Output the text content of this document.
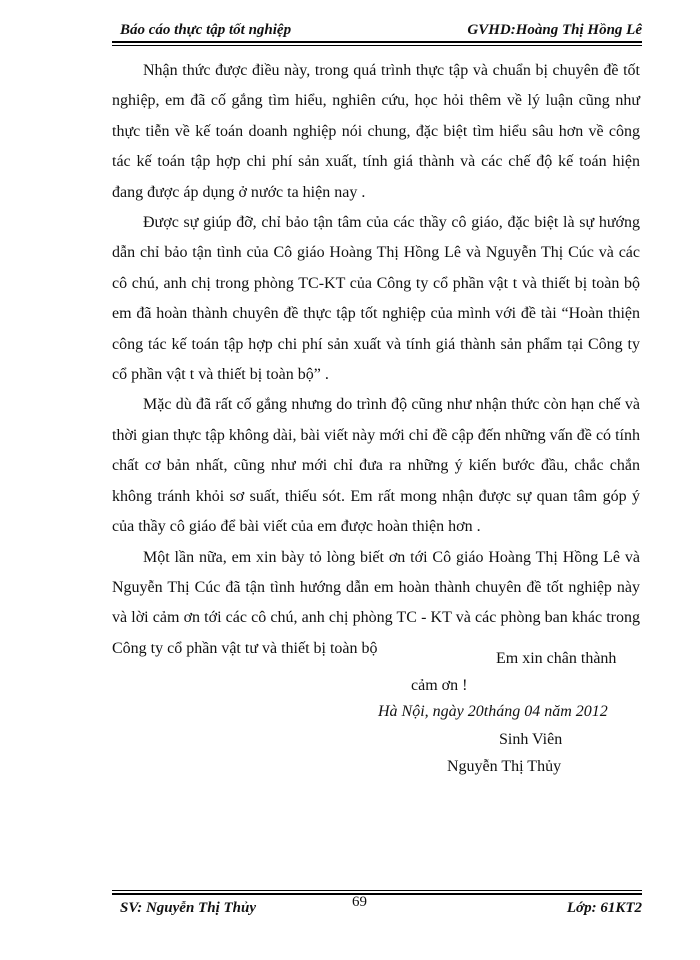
Báo cáo thực tập tốt nghiệp	GVHD:Hoàng Thị Hồng Lê

Nhận thức được điều này, trong quá trình thực tập và chuẩn bị chuyên đề tốt nghiệp, em đã cố gắng tìm hiểu, nghiên cứu, học hỏi thêm về lý luận cũng như thực tiễn về kế toán doanh nghiệp nói chung, đặc biệt tìm hiểu sâu hơn về công tác kế toán tập hợp chi phí sản xuất, tính giá thành và các chế độ kế toán hiện đang được áp dụng ở nước ta hiện nay .

Được sự giúp đỡ, chỉ bảo tận tâm của các thầy cô giáo, đặc biệt là sự hướng dẫn chỉ bảo tận tình của Cô giáo Hoàng Thị Hồng Lê và Nguyễn Thị Cúc và các cô chú, anh chị trong phòng TC-KT của Công ty cổ phần vật t và thiết bị toàn bộ em đã hoàn thành chuyên đề thực tập tốt nghiệp của mình với đề tài “Hoàn thiện công tác kế toán tập hợp chi phí sản xuất và tính giá thành sản phẩm tại Công ty cổ phần vật t và thiết bị toàn bộ” .

Mặc dù đã rất cố gắng nhưng do trình độ cũng như nhận thức còn hạn chế và thời gian thực tập không dài, bài viết này mới chỉ đề cập đến những vấn đề có tính chất cơ bản nhất, cũng như mới chỉ đưa ra những ý kiến bước đầu, chắc chắn không tránh khỏi sơ suất, thiếu sót. Em rất mong nhận được sự quan tâm góp ý của thầy cô giáo để bài viết của em được hoàn thiện hơn .

Một lần nữa, em xin bày tỏ lòng biết ơn tới Cô giáo Hoàng Thị Hồng Lê và Nguyễn Thị Cúc đã tận tình hướng dẫn em hoàn thành chuyên đề tốt nghiệp này và lời cảm ơn tới các cô chú, anh chị phòng TC - KT và các phòng ban khác trong Công ty cổ phần vật tư và thiết bị toàn bộ

Em xin chân thành
cảm ơn !
Hà Nội, ngày 20tháng 04 năm 2012
Sinh Viên
Nguyễn Thị Thủy
SV: Nguyễn Thị Thủy	69	Lớp: 61KT2
